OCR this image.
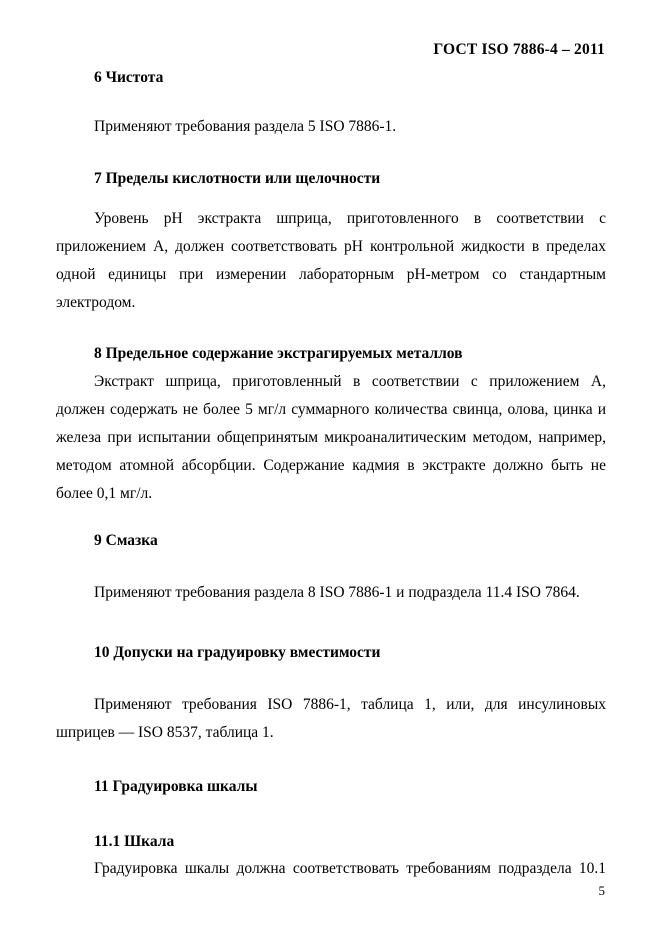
ГОСТ ISO 7886-4 – 2011
6 Чистота
Применяют требования раздела 5 ISO 7886-1.
7 Пределы кислотности или щелочности
Уровень рН экстракта шприца, приготовленного в соответствии с
приложением А, должен соответствовать рН контрольной жидкости в пределах
одной единицы при измерении лабораторным рН-метром со стандартным
электродом.
8 Предельное содержание экстрагируемых металлов
Экстракт шприца, приготовленный в соответствии с приложением А,
должен содержать не более 5 мг/л суммарного количества свинца, олова, цинка и
железа при испытании общепринятым микроаналитическим методом, например,
методом атомной абсорбции. Содержание кадмия в экстракте должно быть не
более 0,1 мг/л.
9 Смазка
Применяют требования раздела 8 ISO 7886-1 и подраздела 11.4 ISO 7864.
10 Допуски на градуировку вместимости
Применяют требования ISO 7886-1, таблица 1, или, для инсулиновых
шприцев — ISO 8537, таблица 1.
11 Градуировка шкалы
11.1 Шкала
Градуировка шкалы должна соответствовать требованиям подраздела 10.1
5
